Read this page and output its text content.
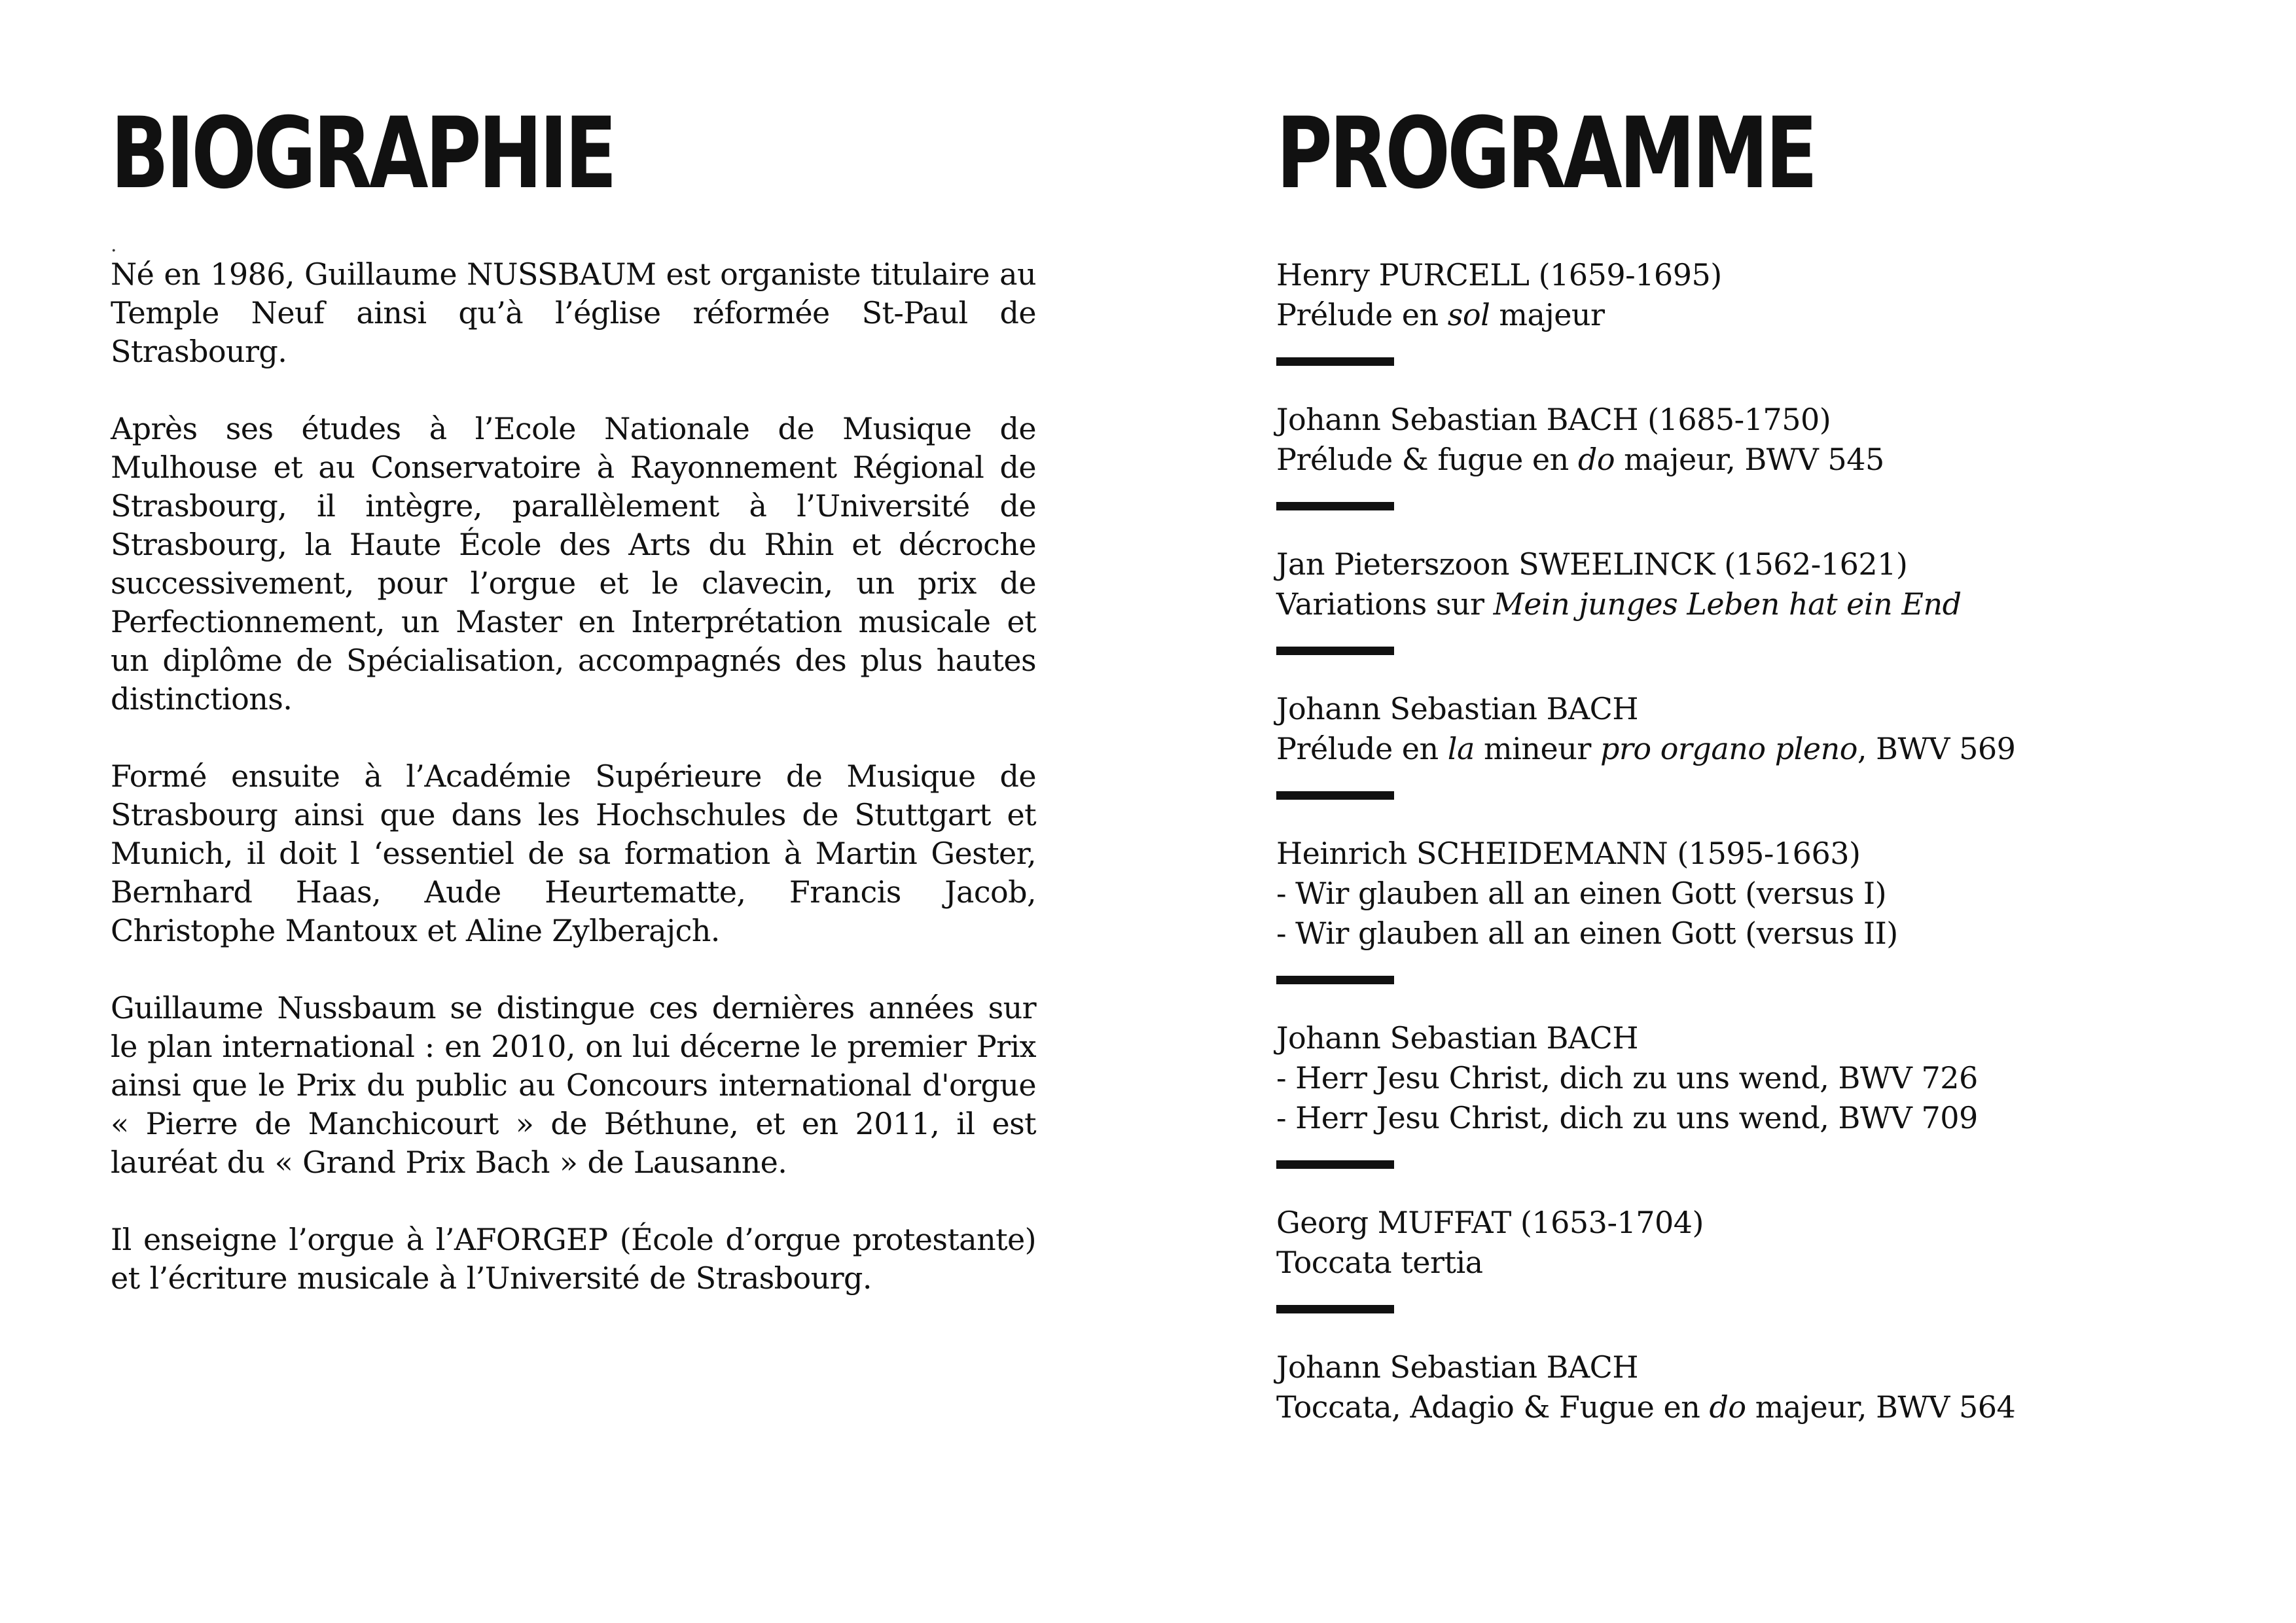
BIOGRAPHIE
.

Né en 1986, Guillaume NUSSBAUM est organiste titulaire au Temple Neuf ainsi qu’à l’église réformée St-Paul de Strasbourg.

Après ses études à l’Ecole Nationale de Musique de Mulhouse et au Conservatoire à Rayonnement Régional de Strasbourg, il intègre, parallèlement à l’Université de Strasbourg, la Haute École des Arts du Rhin et décroche successivement, pour l’orgue et le clavecin, un prix de Perfectionnement, un Master en Interprétation musicale et un diplôme de Spécialisation, accompagnés des plus hautes distinctions.

Formé ensuite à l’Académie Supérieure de Musique de Strasbourg ainsi que dans les Hochschules de Stuttgart et Munich, il doit l ‘essentiel de sa formation à Martin Gester, Bernhard Haas, Aude Heurtematte, Francis Jacob, Christophe Mantoux et Aline Zylberajch.

Guillaume Nussbaum se distingue ces dernières années sur le plan international : en 2010, on lui décerne le premier Prix ainsi que le Prix du public au Concours international d'orgue « Pierre de Manchicourt » de Béthune, et en 2011, il est lauréat du « Grand Prix Bach » de Lausanne.

Il enseigne l’orgue à l’AFORGEP (École d’orgue protestante) et l’écriture musicale à l’Université de Strasbourg.

PROGRAMME
Henry PURCELL (1659-1695)
Prélude en sol majeur
Johann Sebastian BACH (1685-1750)
Prélude & fugue en do majeur, BWV 545
Jan Pieterszoon SWEELINCK (1562-1621)
Variations sur Mein junges Leben hat ein End
Johann Sebastian BACH
Prélude en la mineur pro organo pleno, BWV 569
Heinrich SCHEIDEMANN (1595-1663)
- Wir glauben all an einen Gott (versus I)
- Wir glauben all an einen Gott (versus II)
Johann Sebastian BACH
- Herr Jesu Christ, dich zu uns wend, BWV 726
- Herr Jesu Christ, dich zu uns wend, BWV 709
Georg MUFFAT (1653-1704)
Toccata tertia
Johann Sebastian BACH
Toccata, Adagio & Fugue en do majeur, BWV 564
